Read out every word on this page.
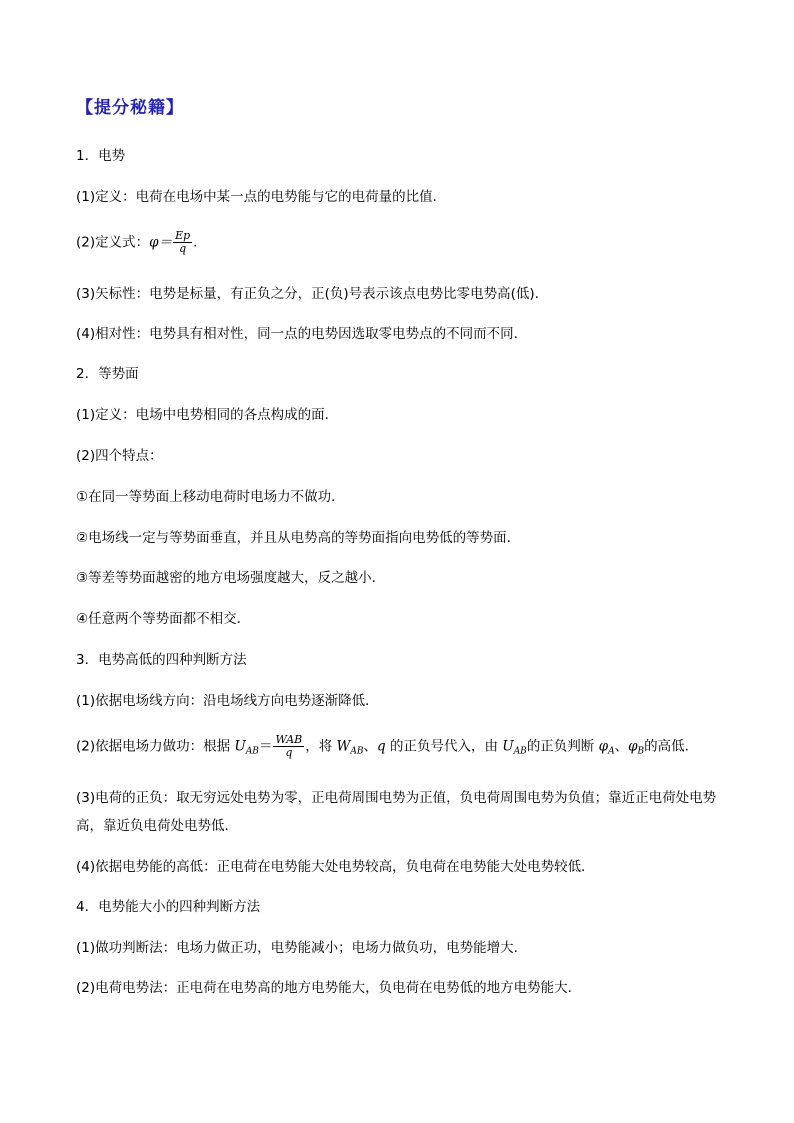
【提分秘籍】
1．电势
(1)定义：电荷在电场中某一点的电势能与它的电荷量的比值．
(2)定义式：$\varphi= \frac{Ep}{q}$ .
(3)矢标性：电势是标量，有正负之分，正(负)号表示该点电势比零电势高(低)．
(4)相对性：电势具有相对性，同一点的电势因选取零电势点的不同而不同．
2．等势面
(1)定义：电场中电势相同的各点构成的面．
(2)四个特点：
①在同一等势面上移动电荷时电场力不做功．
②电场线一定与等势面垂直，并且从电势高的等势面指向电势低的等势面．
③等差等势面越密的地方电场强度越大，反之越小．
④任意两个等势面都不相交．
3．电势高低的四种判断方法
(1)依据电场线方向：沿电场线方向电势逐渐降低．
(2)依据电场力做功：根据 $U_{AB}= \frac{\text{WAB}}{q}$ ，将 $W_{AB}$、q 的正负号代入，由 $U_{AB}$的正负判断 $\varphi_A$、$\varphi_B$的高低．
(3)电荷的正负：取无穷远处电势为零，正电荷周围电势为正值，负电荷周围电势为负值；靠近正电荷处电势高，靠近负电荷处电势低．
(4)依据电势能的高低：正电荷在电势能大处电势较高，负电荷在电势能大处电势较低．
4．电势能大小的四种判断方法
(1)做功判断法：电场力做正功，电势能减小；电场力做负功，电势能增大．
(2)电荷电势法：正电荷在电势高的地方电势能大，负电荷在电势低的地方电势能大．
